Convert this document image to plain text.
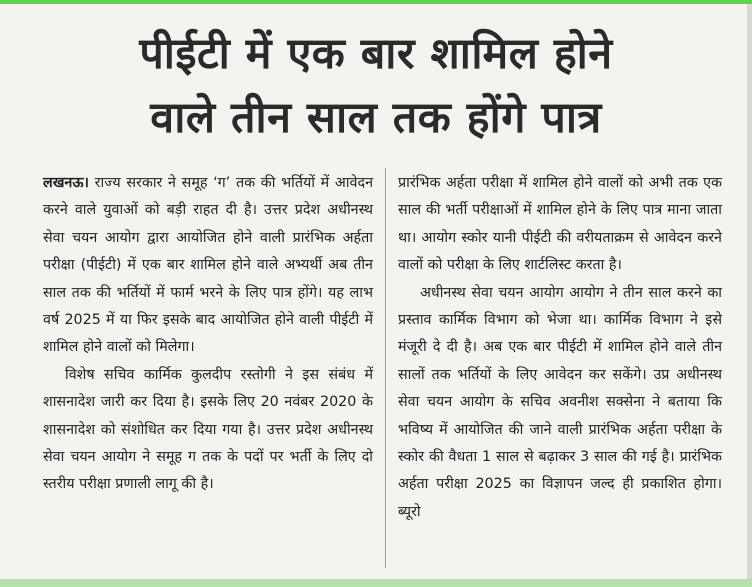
पीईटी में एक बार शामिल होने
वाले तीन साल तक होंगे पात्र

लखनऊ। राज्य सरकार ने समूह ‘ग’ तक की भर्तियों में आवेदन करने वाले युवाओं को बड़ी राहत दी है। उत्तर प्रदेश अधीनस्थ सेवा चयन आयोग द्वारा आयोजित होने वाली प्रारंभिक अर्हता परीक्षा (पीईटी) में एक बार शामिल होने वाले अभ्यर्थी अब तीन साल तक की भर्तियों में फार्म भरने के लिए पात्र होंगे। यह लाभ वर्ष 2025 में या फिर इसके बाद आयोजित होने वाली पीईटी में शामिल होने वालों को मिलेगा।

विशेष सचिव कार्मिक कुलदीप रस्तोगी ने इस संबंध में शासनादेश जारी कर दिया है। इसके लिए 20 नवंबर 2020 के शासनादेश को संशोधित कर दिया गया है। उत्तर प्रदेश अधीनस्थ सेवा चयन आयोग ने समूह ग तक के पदों पर भर्ती के लिए दो स्तरीय परीक्षा प्रणाली लागू की है।

प्रारंभिक अर्हता परीक्षा में शामिल होने वालों को अभी तक एक साल की भर्ती परीक्षाओं में शामिल होने के लिए पात्र माना जाता था। आयोग स्कोर यानी पीईटी की वरीयताक्रम से आवेदन करने वालों को परीक्षा के लिए शार्टलिस्ट करता है।

अधीनस्थ सेवा चयन आयोग आयोग ने तीन साल करने का प्रस्ताव कार्मिक विभाग को भेजा था। कार्मिक विभाग ने इसे मंजूरी दे दी है। अब एक बार पीईटी में शामिल होने वाले तीन सालों तक भर्तियों के लिए आवेदन कर सकेंगे। उप्र अधीनस्थ सेवा चयन आयोग के सचिव अवनीश सक्सेना ने बताया कि भविष्य में आयोजित की जाने वाली प्रारंभिक अर्हता परीक्षा के स्कोर की वैधता 1 साल से बढ़ाकर 3 साल की गई है। प्रारंभिक अर्हता परीक्षा 2025 का विज्ञापन जल्द ही प्रकाशित होगा। ब्यूरो
